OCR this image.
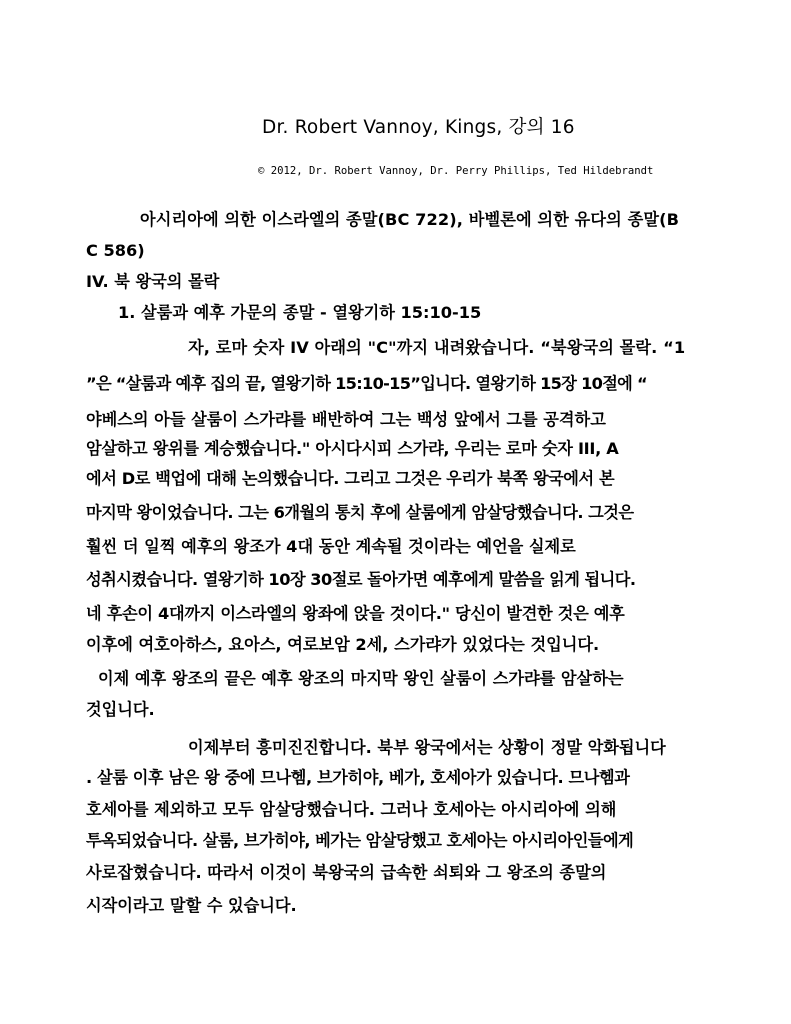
Dr. Robert Vannoy, Kings, 강의 16
© 2012, Dr. Robert Vannoy, Dr. Perry Phillips, Ted Hildebrandt
아시리아에 의한 이스라엘의 종말(BC 722), 바벨론에 의한 유다의 종말(B
C 586)
IV. 북 왕국의 몰락
1. 살룸과 예후 가문의 종말 - 열왕기하 15:10-15
자, 로마 숫자 IV 아래의 "C"까지 내려왔습니다. “북왕국의 몰락. “1
”은 “살룸과 예후 집의 끝, 열왕기하 15:10-15”입니다. 열왕기하 15장 10절에 “
야베스의 아들 살룸이 스가랴를 배반하여 그는 백성 앞에서 그를 공격하고
암살하고 왕위를 계승했습니다." 아시다시피 스가랴, 우리는 로마 숫자 III, A
에서 D로 백업에 대해 논의했습니다. 그리고 그것은 우리가 북쪽 왕국에서 본
마지막 왕이었습니다. 그는 6개월의 통치 후에 살룸에게 암살당했습니다. 그것은
훨씬 더 일찍 예후의 왕조가 4대 동안 계속될 것이라는 예언을 실제로
성취시켰습니다. 열왕기하 10장 30절로 돌아가면 예후에게 말씀을 읽게 됩니다.
네 후손이 4대까지 이스라엘의 왕좌에 앉을 것이다." 당신이 발견한 것은 예후
이후에 여호아하스, 요아스, 여로보암 2세, 스가랴가 있었다는 것입니다.
이제 예후 왕조의 끝은 예후 왕조의 마지막 왕인 살룸이 스가랴를 암살하는
것입니다.
이제부터 흥미진진합니다. 북부 왕국에서는 상황이 정말 악화됩니다
. 살룸 이후 남은 왕 중에 므나헴, 브가히야, 베가, 호세아가 있습니다. 므나헴과
호세아를 제외하고 모두 암살당했습니다. 그러나 호세아는 아시리아에 의해
투옥되었습니다. 살룸, 브가히야, 베가는 암살당했고 호세아는 아시리아인들에게
사로잡혔습니다. 따라서 이것이 북왕국의 급속한 쇠퇴와 그 왕조의 종말의
시작이라고 말할 수 있습니다.
